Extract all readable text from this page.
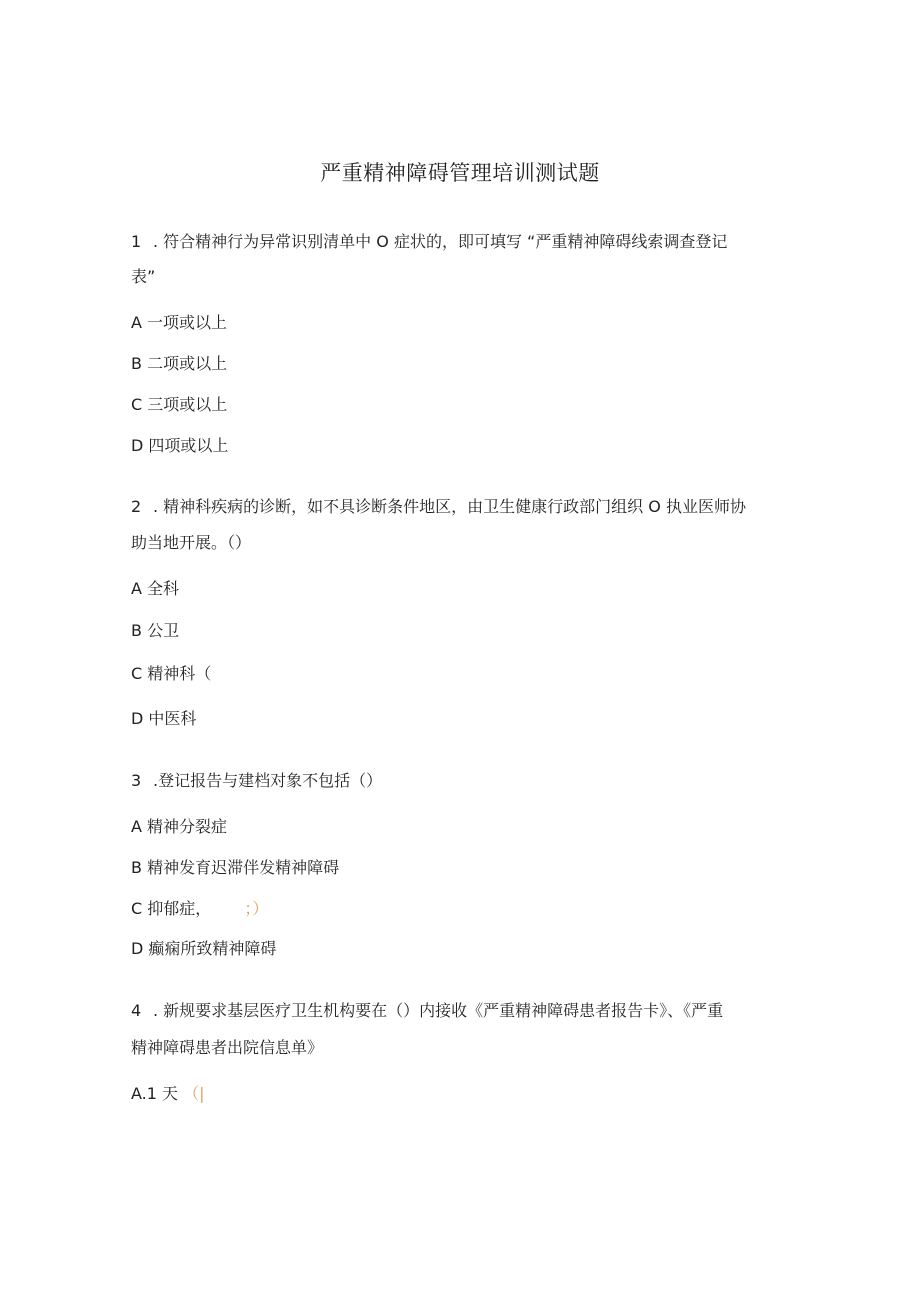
严重精神障碍管理培训测试题
1 . 符合精神行为异常识别清单中 O 症状的，即可填写 “严重精神障碍线索调查登记
表”
A 一项或以上
B 二项或以上
C 三项或以上
D 四项或以上
2 . 精神科疾病的诊断，如不具诊断条件地区，由卫生健康行政部门组织 O 执业医师协
助当地开展。（）
A 全科
B 公卫
C 精神科（
D 中医科
3 .登记报告与建档对象不包括（）
A 精神分裂症
B 精神发育迟滞伴发精神障碍
C 抑郁症， ；）
D 癫痫所致精神障碍
4 . 新规要求基层医疗卫生机构要在（）内接收《严重精神障碍患者报告卡》、《严重
精神障碍患者出院信息单》
A.1 天 （|
